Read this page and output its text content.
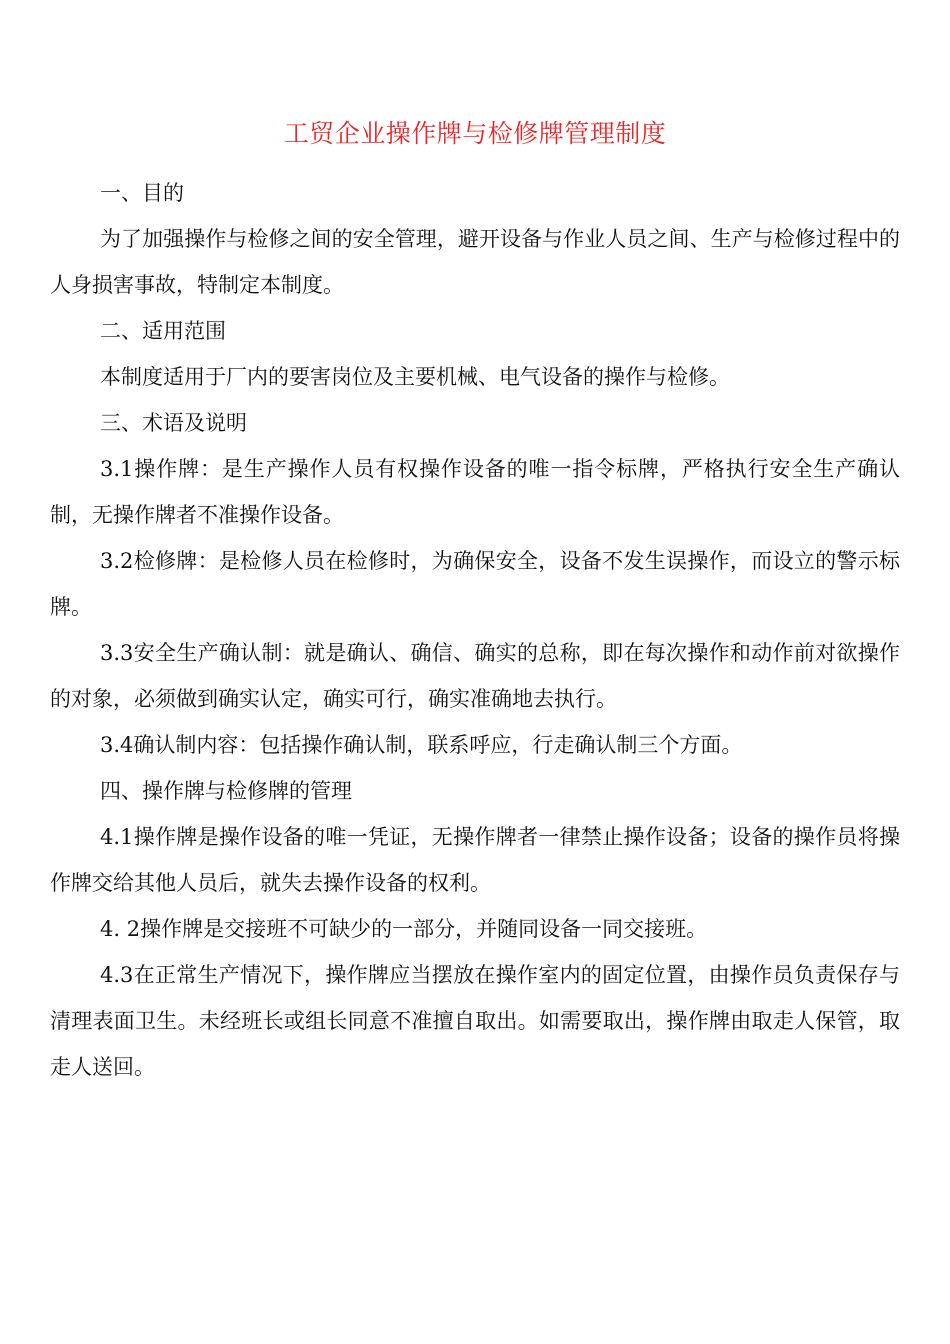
工贸企业操作牌与检修牌管理制度

一、目的

为了加强操作与检修之间的安全管理，避开设备与作业人员之间、生产与检修过程中的人身损害事故，特制定本制度。

二、适用范围

本制度适用于厂内的要害岗位及主要机械、电气设备的操作与检修。

三、术语及说明

3.1操作牌：是生产操作人员有权操作设备的唯一指令标牌，严格执行安全生产确认制，无操作牌者不准操作设备。

3.2检修牌：是检修人员在检修时，为确保安全，设备不发生误操作，而设立的警示标牌。

3.3安全生产确认制：就是确认、确信、确实的总称，即在每次操作和动作前对欲操作的对象，必须做到确实认定，确实可行，确实准确地去执行。

3.4确认制内容：包括操作确认制，联系呼应，行走确认制三个方面。

四、操作牌与检修牌的管理

4.1操作牌是操作设备的唯一凭证，无操作牌者一律禁止操作设备；设备的操作员将操作牌交给其他人员后，就失去操作设备的权利。

4. 2操作牌是交接班不可缺少的一部分，并随同设备一同交接班。

4.3在正常生产情况下，操作牌应当摆放在操作室内的固定位置，由操作员负责保存与清理表面卫生。未经班长或组长同意不准擅自取出。如需要取出，操作牌由取走人保管，取走人送回。
